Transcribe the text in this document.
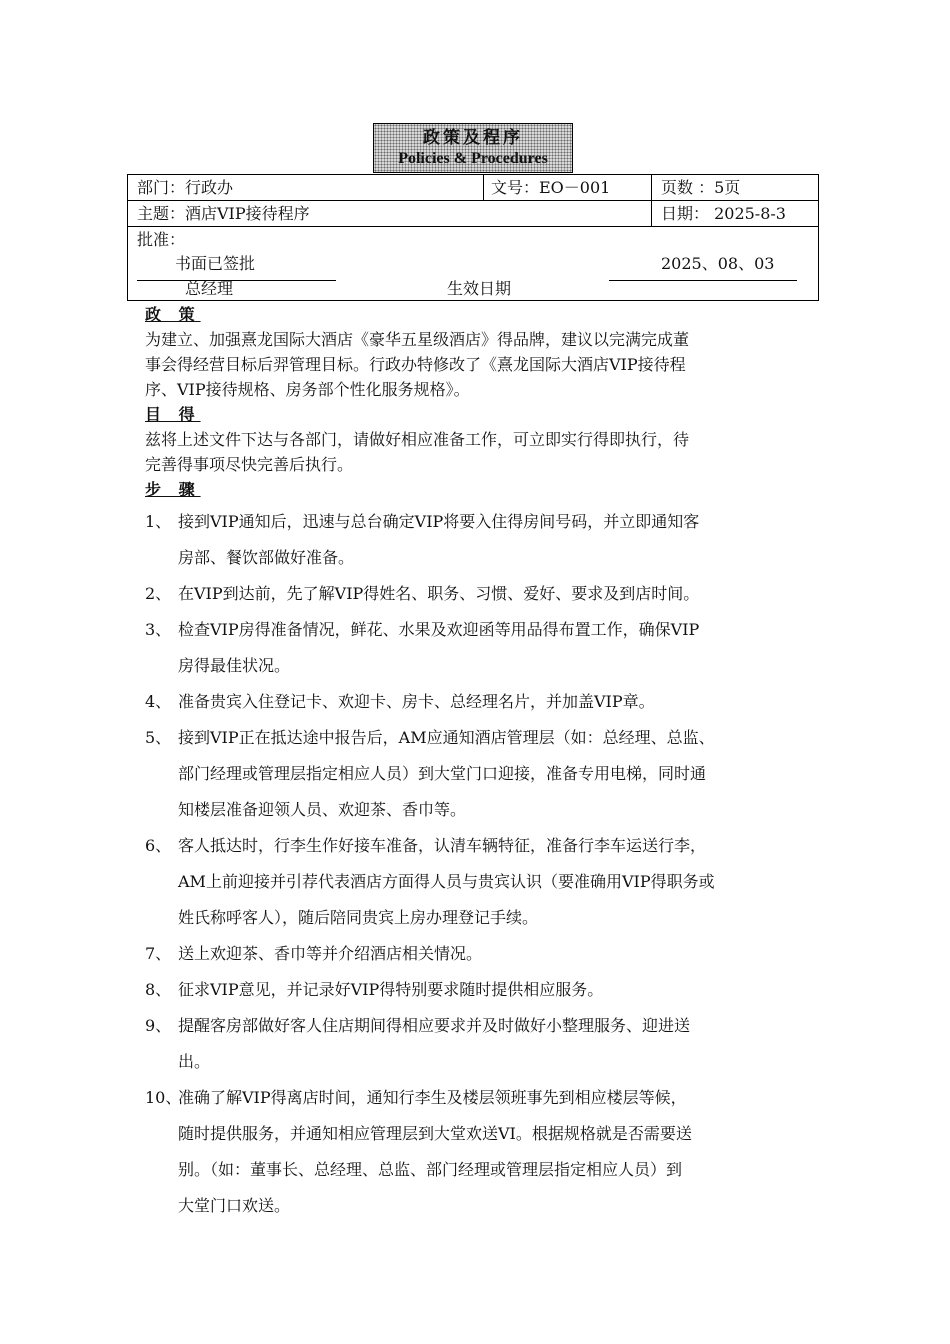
政策及程序
Policies & Procedures
部门：行政办	文号：EO－001	页数 ：5页
主题：酒店VIP接待程序	日期： 2025-8-3
批准：
书面已签批	2025、08、03
总经理	生效日期
政 策

为建立、加强熹龙国际大酒店《豪华五星级酒店》得品牌，建议以完满完成董
事会得经营目标后羿管理目标。行政办特修改了《熹龙国际大酒店VIP接待程
序、VIP接待规格、房务部个性化服务规格》。

目 得

兹将上述文件下达与各部门，请做好相应准备工作，可立即实行得即执行，待
完善得事项尽快完善后执行。

步 骤
1、 接到VIP通知后，迅速与总台确定VIP将要入住得房间号码，并立即通知客
房部、餐饮部做好准备。
2、 在VIP到达前，先了解VIP得姓名、职务、习惯、爱好、要求及到店时间。
3、 检查VIP房得准备情况，鲜花、水果及欢迎函等用品得布置工作，确保VIP
房得最佳状况。
4、 准备贵宾入住登记卡、欢迎卡、房卡、总经理名片，并加盖VIP章。
5、 接到VIP正在抵达途中报告后，AM应通知酒店管理层（如：总经理、总监、
部门经理或管理层指定相应人员）到大堂门口迎接，准备专用电梯，同时通
知楼层准备迎领人员、欢迎茶、香巾等。
6、 客人抵达时，行李生作好接车准备，认清车辆特征，准备行李车运送行李，
AM上前迎接并引荐代表酒店方面得人员与贵宾认识（要准确用VIP得职务或
姓氏称呼客人），随后陪同贵宾上房办理登记手续。
7、 送上欢迎茶、香巾等并介绍酒店相关情况。
8、 征求VIP意见，并记录好VIP得特别要求随时提供相应服务。
9、 提醒客房部做好客人住店期间得相应要求并及时做好小整理服务、迎进送
出。
10、
准确了解VIP得离店时间，通知行李生及楼层领班事先到相应楼层等候，
随时提供服务，并通知相应管理层到大堂欢送VI。根据规格就是否需要送
别。（如：董事长、总经理、总监、部门经理或管理层指定相应人员）到
大堂门口欢送。
